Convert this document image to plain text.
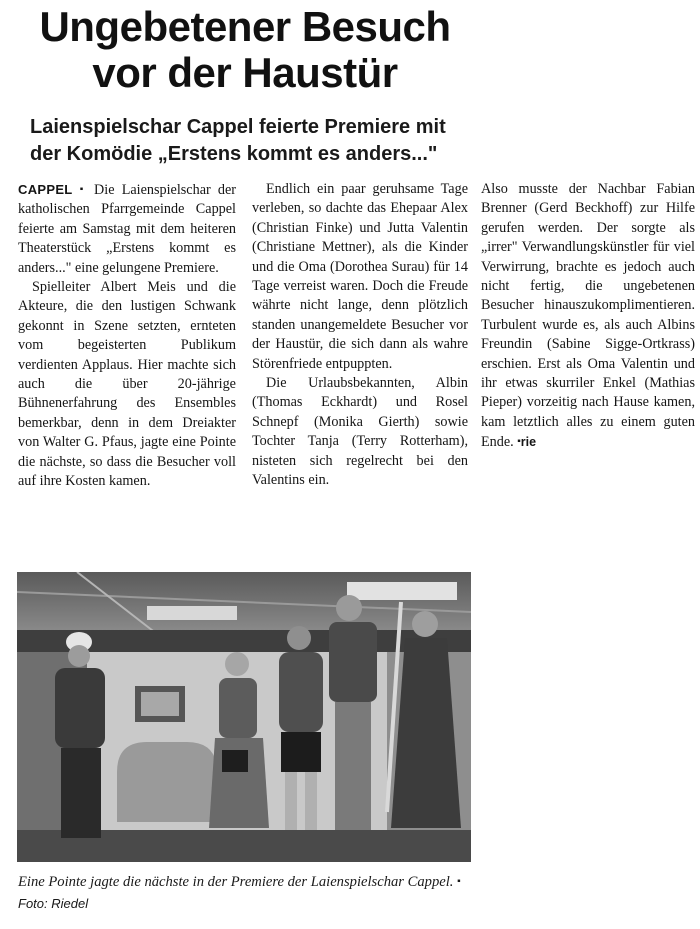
Ungebetener Besuch
vor der Haustür
Laienspielschar Cappel feierte Premiere mit
der Komödie „Erstens kommt es anders..."

CAPPEL ▪ Die Laienspielschar der katholischen Pfarrgemeinde Cappel feierte am Samstag mit dem heiteren Theaterstück „Erstens kommt es anders..." eine gelungene Premiere.

Spielleiter Albert Meis und die Akteure, die den lustigen Schwank gekonnt in Szene setzten, ernteten vom begeisterten Publikum verdienten Applaus. Hier machte sich auch die über 20-jährige Bühnenerfahrung des Ensembles bemerkbar, denn in dem Dreiakter von Walter G. Pfaus, jagte eine Pointe die nächste, so dass die Besucher voll auf ihre Kosten kamen.

Endlich ein paar geruhsame Tage verleben, so dachte das Ehepaar Alex (Christian Finke) und Jutta Valentin (Christiane Mettner), als die Kinder und die Oma (Dorothea Surau) für 14 Tage verreist waren. Doch die Freude währte nicht lange, denn plötzlich standen unangemeldete Besucher vor der Haustür, die sich dann als wahre Störenfriede entpuppten.

Die Urlaubsbekannten, Albin (Thomas Eckhardt) und Rosel Schnepf (Monika Gierth) sowie Tochter Tanja (Terry Rotterham), nisteten sich regelrecht bei den Valentins ein.

Also musste der Nachbar Fabian Brenner (Gerd Beckhoff) zur Hilfe gerufen werden. Der sorgte als „irrer" Verwandlungskünstler für viel Verwirrung, brachte es jedoch auch nicht fertig, die ungebetenen Besucher hinauszukomplimentieren. Turbulent wurde es, als auch Albins Freundin (Sabine Sigge-Ortkrass) erschien. Erst als Oma Valentin und ihr etwas skurriler Enkel (Mathias Pieper) vorzeitig nach Hause kamen, kam letztlich alles zu einem guten Ende. ▪rie

Eine Pointe jagte die nächste in der Premiere der Laienspielschar Cappel. ▪ Foto: Riedel
